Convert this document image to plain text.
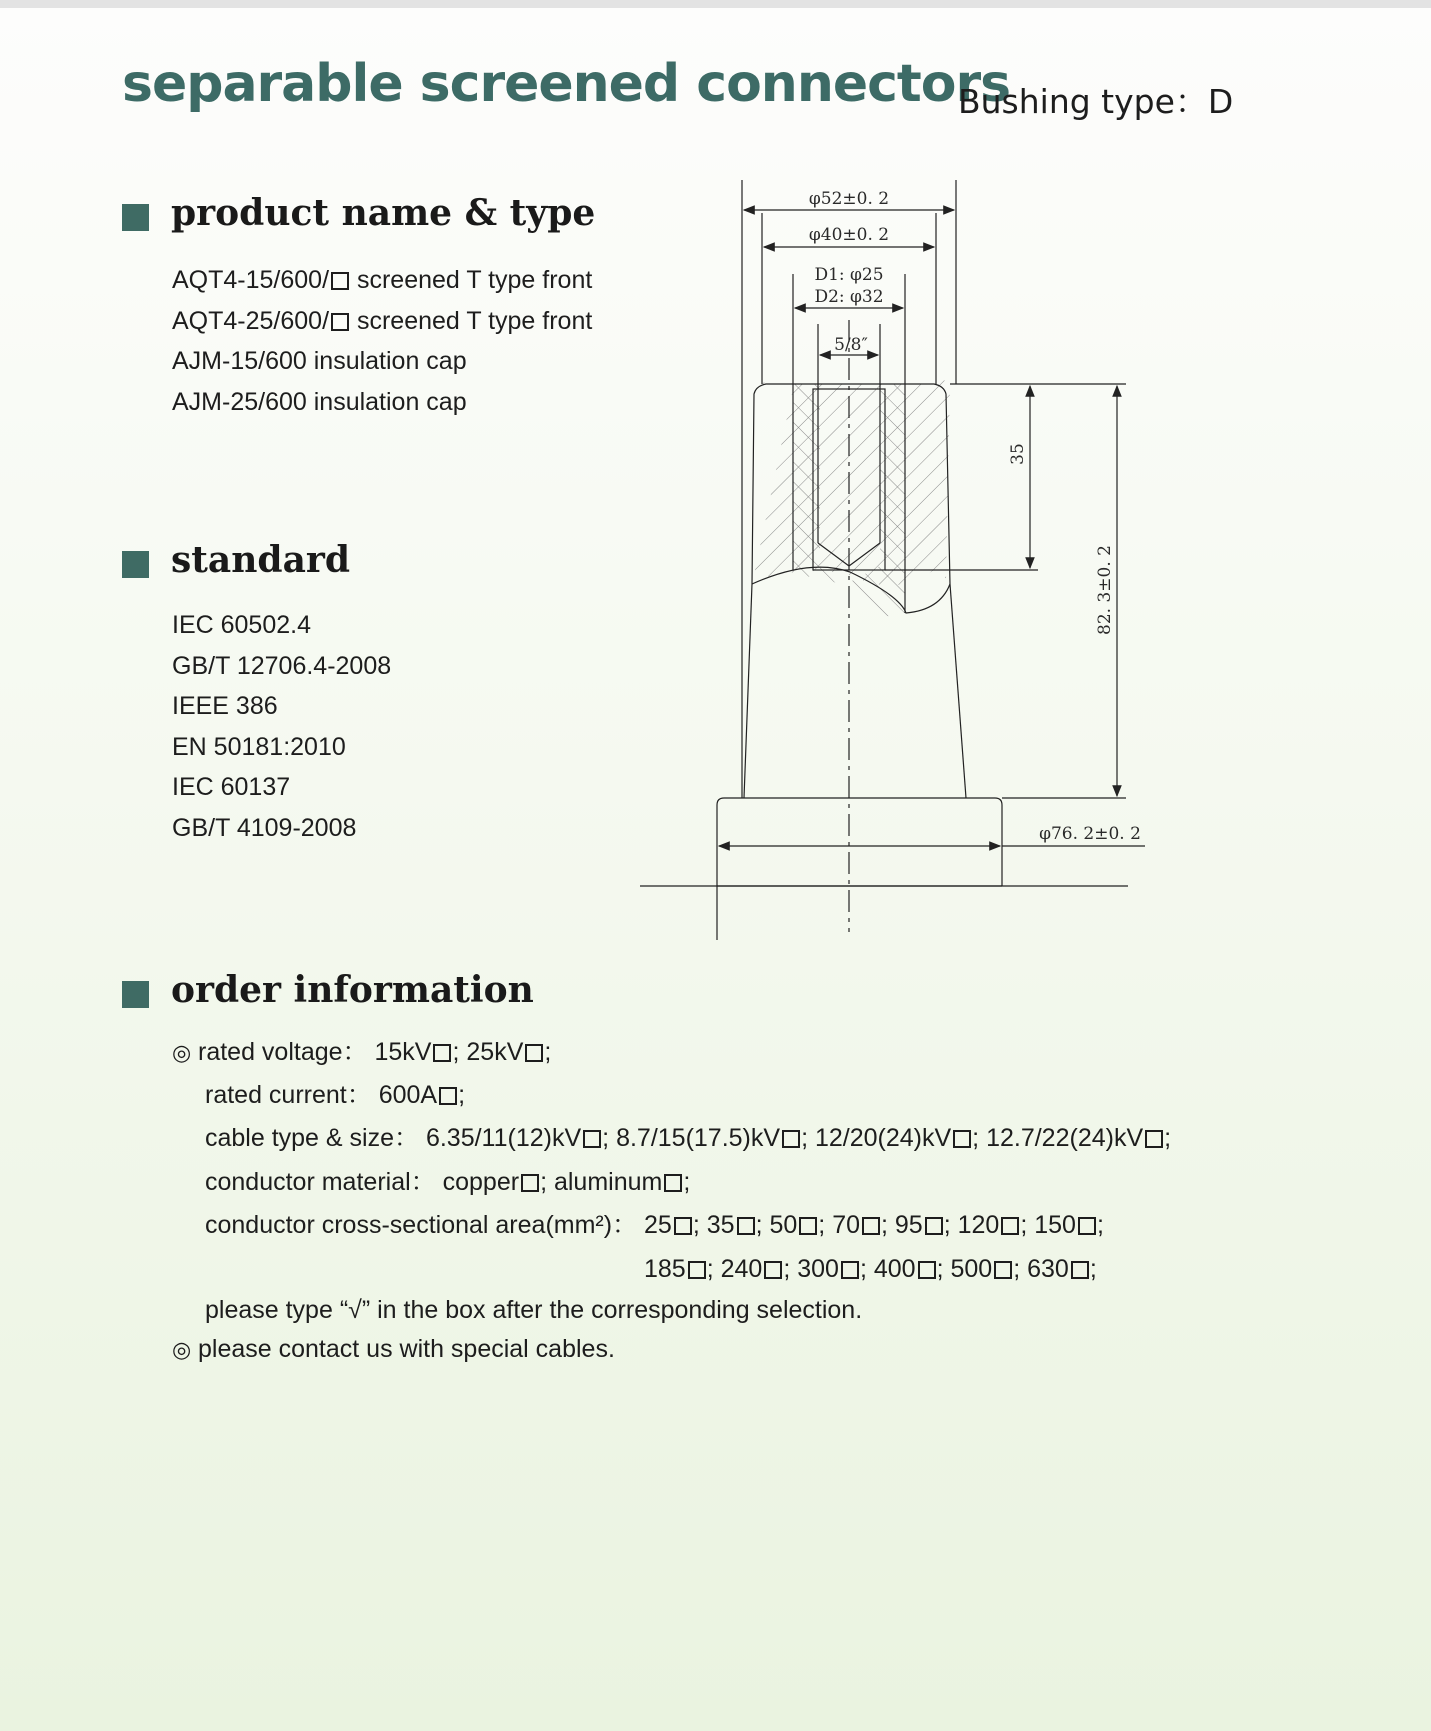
separable screened connectors
Bushing type：D
product name & type
AQT4-15/600/ screened T type front
AQT4-25/600/ screened T type front
AJM-15/600 insulation cap
AJM-25/600 insulation cap
standard
IEC 60502.4
GB/T 12706.4-2008
IEEE 386
EN 50181:2010
IEC 60137
GB/T 4109-2008
φ52±0. 2
φ40±0. 2
D1: φ25
D2: φ32
5/8″
35
82. 3±0. 2
φ76. 2±0. 2
order information
◎ rated voltage： 15kV ; 25kV ;
rated current： 600A ;
cable type & size： 6.35/11(12)kV ; 8.7/15(17.5)kV ; 12/20(24)kV ; 12.7/22(24)kV ;
conductor material： copper ; aluminum ;
conductor cross-sectional area(mm²)： 25 ; 35 ; 50 ; 70 ; 95 ; 120 ; 150 ;
185 ; 240 ; 300 ; 400 ; 500 ; 630 ;
please type “√” in the box after the corresponding selection.
◎ please contact us with special cables.
